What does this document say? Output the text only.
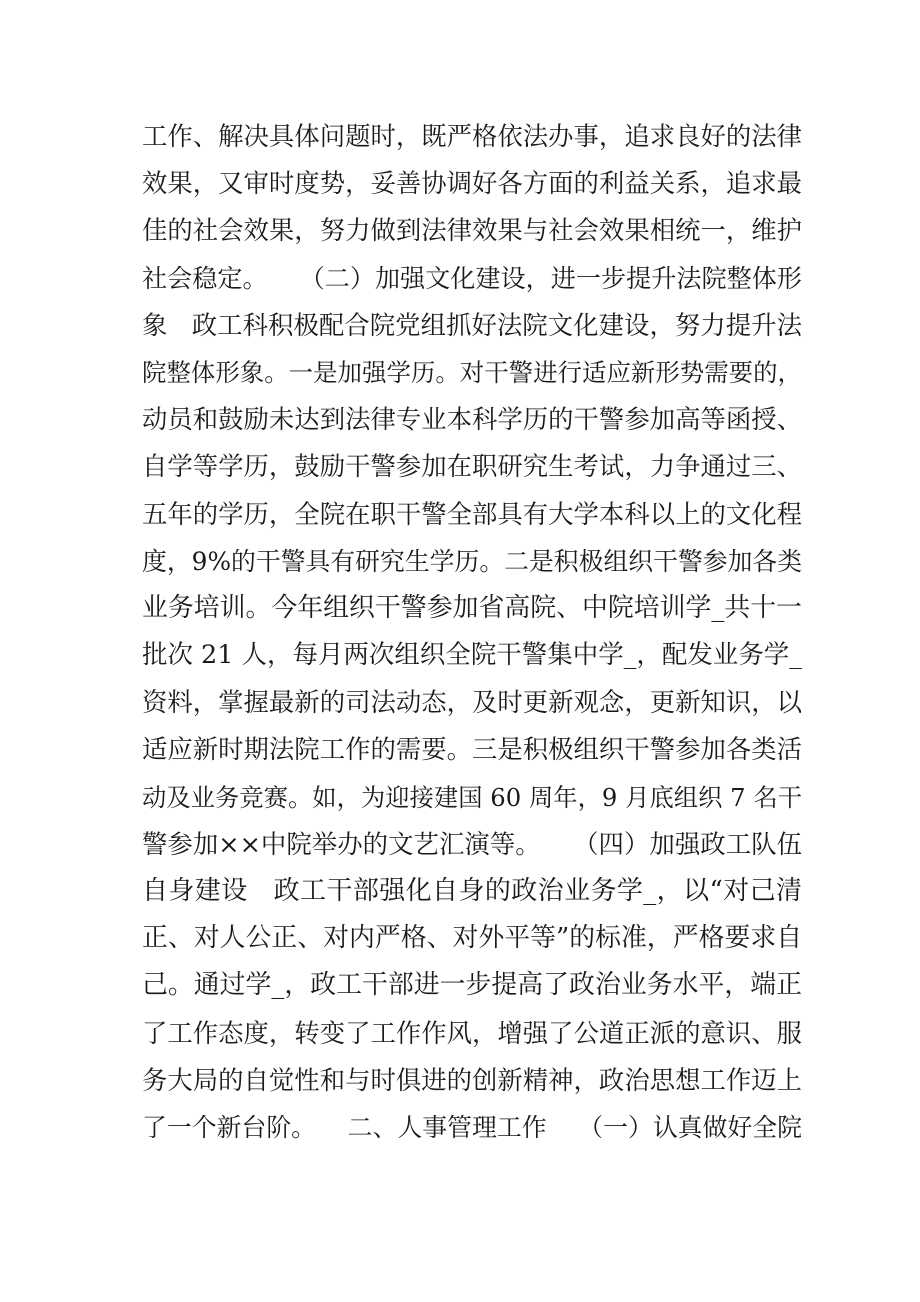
工作、解决具体问题时，既严格依法办事，追求良好的法律
效果，又审时度势，妥善协调好各方面的利益关系，追求最
佳的社会效果，努力做到法律效果与社会效果相统一，维护
社会稳定。    （二）加强文化建设，进一步提升法院整体形
象   政工科积极配合院党组抓好法院文化建设，努力提升法
院整体形象。一是加强学历。对干警进行适应新形势需要的，
动员和鼓励未达到法律专业本科学历的干警参加高等函授、
自学等学历，鼓励干警参加在职研究生考试，力争通过三、
五年的学历，全院在职干警全部具有大学本科以上的文化程
度，9%的干警具有研究生学历。二是积极组织干警参加各类
业务培训。今年组织干警参加省高院、中院培训学_共十一
批次 21 人，每月两次组织全院干警集中学_，配发业务学_
资料，掌握最新的司法动态，及时更新观念，更新知识，以
适应新时期法院工作的需要。三是积极组织干警参加各类活
动及业务竞赛。如，为迎接建国 60 周年，9 月底组织 7 名干
警参加××中院举办的文艺汇演等。    （四）加强政工队伍
自身建设   政工干部强化自身的政治业务学_，以“对己清
正、对人公正、对内严格、对外平等”的标准，严格要求自
己。通过学_，政工干部进一步提高了政治业务水平，端正
了工作态度，转变了工作作风，增强了公道正派的意识、服
务大局的自觉性和与时俱进的创新精神，政治思想工作迈上
了一个新台阶。    二、人事管理工作    （一）认真做好全院
